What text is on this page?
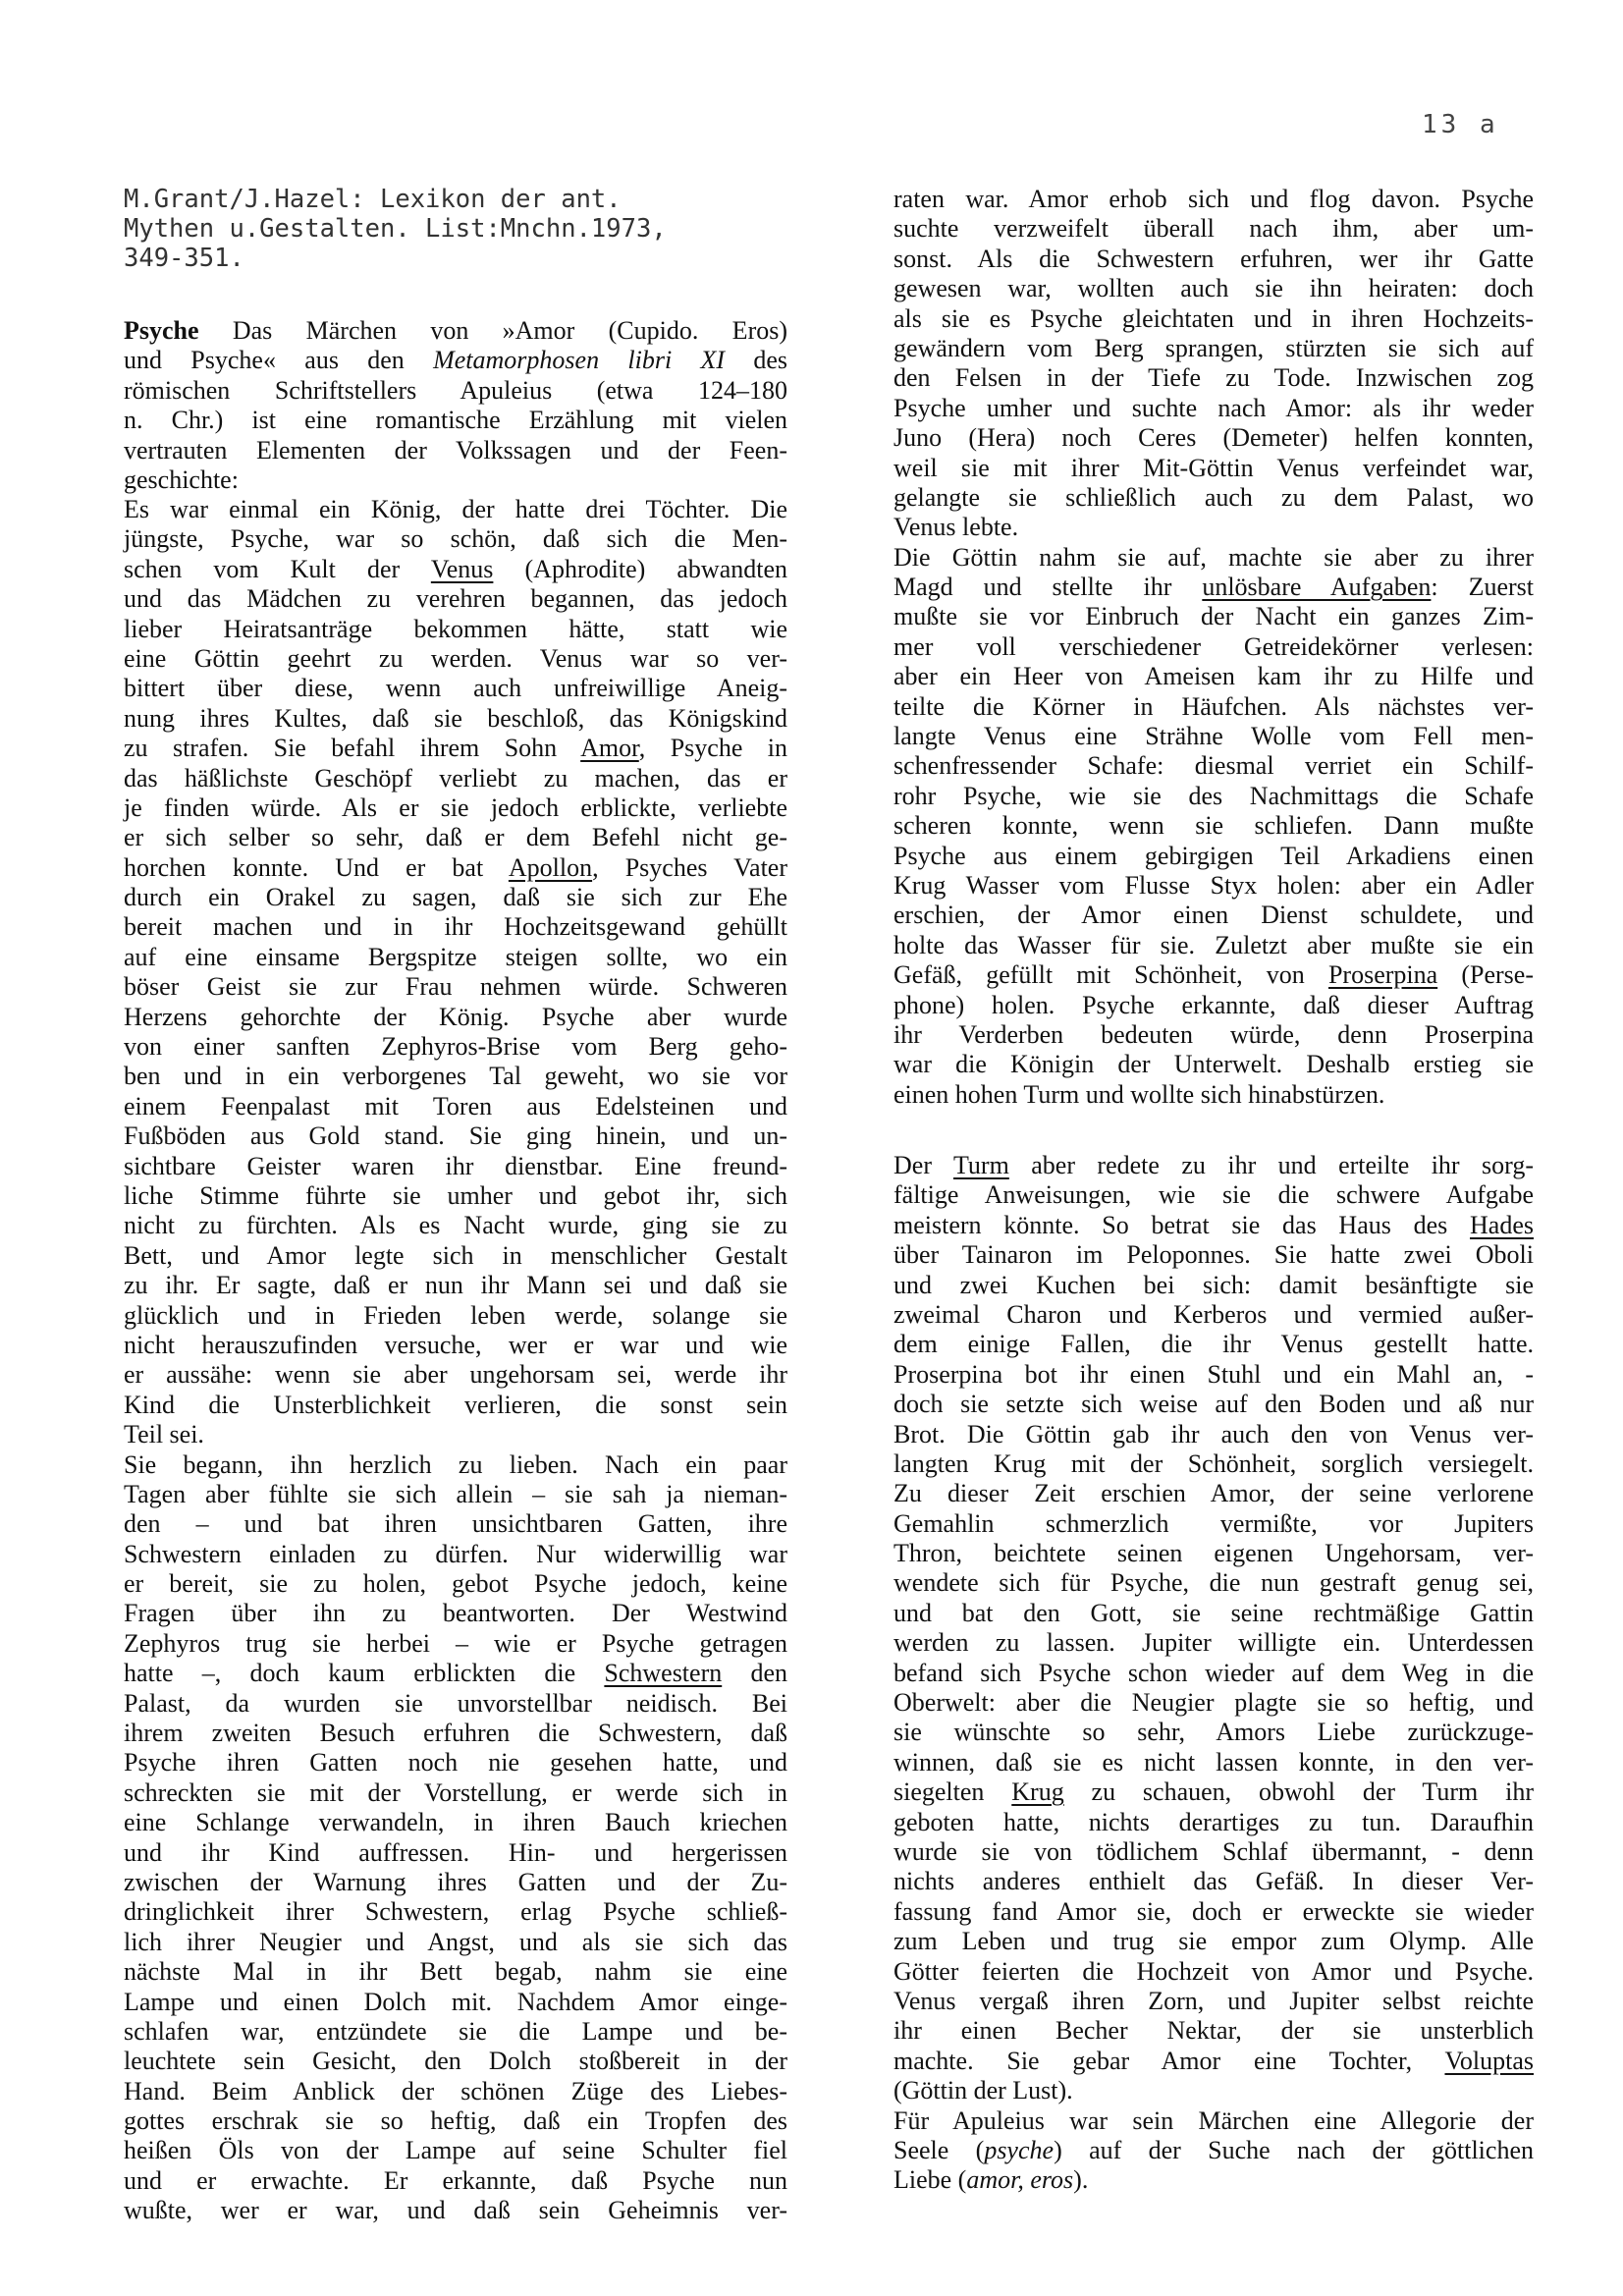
13 a
M.Grant/J.Hazel: Lexikon der ant.
Mythen u.Gestalten. List:Mnchn.1973,
349-351.
Psyche Das Märchen von »Amor (Cupido. Eros)
und Psyche« aus den Metamorphosen libri XI des
römischen Schriftstellers Apuleius (etwa 124–180
n. Chr.) ist eine romantische Erzählung mit vielen
vertrauten Elementen der Volkssagen und der Feen-
geschichte:
Es war einmal ein König, der hatte drei Töchter. Die
jüngste, Psyche, war so schön, daß sich die Men-
schen vom Kult der Venus (Aphrodite) abwandten
und das Mädchen zu verehren begannen, das jedoch
lieber Heiratsanträge bekommen hätte, statt wie
eine Göttin geehrt zu werden. Venus war so ver-
bittert über diese, wenn auch unfreiwillige Aneig-
nung ihres Kultes, daß sie beschloß, das Königskind
zu strafen. Sie befahl ihrem Sohn Amor, Psyche in
das häßlichste Geschöpf verliebt zu machen, das er
je finden würde. Als er sie jedoch erblickte, verliebte
er sich selber so sehr, daß er dem Befehl nicht ge-
horchen konnte. Und er bat Apollon, Psyches Vater
durch ein Orakel zu sagen, daß sie sich zur Ehe
bereit machen und in ihr Hochzeitsgewand gehüllt
auf eine einsame Bergspitze steigen sollte, wo ein
böser Geist sie zur Frau nehmen würde. Schweren
Herzens gehorchte der König. Psyche aber wurde
von einer sanften Zephyros-Brise vom Berg geho-
ben und in ein verborgenes Tal geweht, wo sie vor
einem Feenpalast mit Toren aus Edelsteinen und
Fußböden aus Gold stand. Sie ging hinein, und un-
sichtbare Geister waren ihr dienstbar. Eine freund-
liche Stimme führte sie umher und gebot ihr, sich
nicht zu fürchten. Als es Nacht wurde, ging sie zu
Bett, und Amor legte sich in menschlicher Gestalt
zu ihr. Er sagte, daß er nun ihr Mann sei und daß sie
glücklich und in Frieden leben werde, solange sie
nicht herauszufinden versuche, wer er war und wie
er aussähe: wenn sie aber ungehorsam sei, werde ihr
Kind die Unsterblichkeit verlieren, die sonst sein
Teil sei.
Sie begann, ihn herzlich zu lieben. Nach ein paar
Tagen aber fühlte sie sich allein – sie sah ja nieman-
den – und bat ihren unsichtbaren Gatten, ihre
Schwestern einladen zu dürfen. Nur widerwillig war
er bereit, sie zu holen, gebot Psyche jedoch, keine
Fragen über ihn zu beantworten. Der Westwind
Zephyros trug sie herbei – wie er Psyche getragen
hatte –, doch kaum erblickten die Schwestern den
Palast, da wurden sie unvorstellbar neidisch. Bei
ihrem zweiten Besuch erfuhren die Schwestern, daß
Psyche ihren Gatten noch nie gesehen hatte, und
schreckten sie mit der Vorstellung, er werde sich in
eine Schlange verwandeln, in ihren Bauch kriechen
und ihr Kind auffressen. Hin- und hergerissen
zwischen der Warnung ihres Gatten und der Zu-
dringlichkeit ihrer Schwestern, erlag Psyche schließ-
lich ihrer Neugier und Angst, und als sie sich das
nächste Mal in ihr Bett begab, nahm sie eine
Lampe und einen Dolch mit. Nachdem Amor einge-
schlafen war, entzündete sie die Lampe und be-
leuchtete sein Gesicht, den Dolch stoßbereit in der
Hand. Beim Anblick der schönen Züge des Liebes-
gottes erschrak sie so heftig, daß ein Tropfen des
heißen Öls von der Lampe auf seine Schulter fiel
und er erwachte. Er erkannte, daß Psyche nun
wußte, wer er war, und daß sein Geheimnis ver-
raten war. Amor erhob sich und flog davon. Psyche
suchte verzweifelt überall nach ihm, aber um-
sonst. Als die Schwestern erfuhren, wer ihr Gatte
gewesen war, wollten auch sie ihn heiraten: doch
als sie es Psyche gleichtaten und in ihren Hochzeits-
gewändern vom Berg sprangen, stürzten sie sich auf
den Felsen in der Tiefe zu Tode. Inzwischen zog
Psyche umher und suchte nach Amor: als ihr weder
Juno (Hera) noch Ceres (Demeter) helfen konnten,
weil sie mit ihrer Mit-Göttin Venus verfeindet war,
gelangte sie schließlich auch zu dem Palast, wo
Venus lebte.
Die Göttin nahm sie auf, machte sie aber zu ihrer
Magd und stellte ihr unlösbare Aufgaben: Zuerst
mußte sie vor Einbruch der Nacht ein ganzes Zim-
mer voll verschiedener Getreidekörner verlesen:
aber ein Heer von Ameisen kam ihr zu Hilfe und
teilte die Körner in Häufchen. Als nächstes ver-
langte Venus eine Strähne Wolle vom Fell men-
schenfressender Schafe: diesmal verriet ein Schilf-
rohr Psyche, wie sie des Nachmittags die Schafe
scheren konnte, wenn sie schliefen. Dann mußte
Psyche aus einem gebirgigen Teil Arkadiens einen
Krug Wasser vom Flusse Styx holen: aber ein Adler
erschien, der Amor einen Dienst schuldete, und
holte das Wasser für sie. Zuletzt aber mußte sie ein
Gefäß, gefüllt mit Schönheit, von Proserpina (Perse-
phone) holen. Psyche erkannte, daß dieser Auftrag
ihr Verderben bedeuten würde, denn Proserpina
war die Königin der Unterwelt. Deshalb erstieg sie
einen hohen Turm und wollte sich hinabstürzen.
Der Turm aber redete zu ihr und erteilte ihr sorg-
fältige Anweisungen, wie sie die schwere Aufgabe
meistern könnte. So betrat sie das Haus des Hades
über Tainaron im Peloponnes. Sie hatte zwei Oboli
und zwei Kuchen bei sich: damit besänftigte sie
zweimal Charon und Kerberos und vermied außer-
dem einige Fallen, die ihr Venus gestellt hatte.
Proserpina bot ihr einen Stuhl und ein Mahl an, -
doch sie setzte sich weise auf den Boden und aß nur
Brot. Die Göttin gab ihr auch den von Venus ver-
langten Krug mit der Schönheit, sorglich versiegelt.
Zu dieser Zeit erschien Amor, der seine verlorene
Gemahlin schmerzlich vermißte, vor Jupiters
Thron, beichtete seinen eigenen Ungehorsam, ver-
wendete sich für Psyche, die nun gestraft genug sei,
und bat den Gott, sie seine rechtmäßige Gattin
werden zu lassen. Jupiter willigte ein. Unterdessen
befand sich Psyche schon wieder auf dem Weg in die
Oberwelt: aber die Neugier plagte sie so heftig, und
sie wünschte so sehr, Amors Liebe zurückzuge-
winnen, daß sie es nicht lassen konnte, in den ver-
siegelten Krug zu schauen, obwohl der Turm ihr
geboten hatte, nichts derartiges zu tun. Daraufhin
wurde sie von tödlichem Schlaf übermannt, - denn
nichts anderes enthielt das Gefäß. In dieser Ver-
fassung fand Amor sie, doch er erweckte sie wieder
zum Leben und trug sie empor zum Olymp. Alle
Götter feierten die Hochzeit von Amor und Psyche.
Venus vergaß ihren Zorn, und Jupiter selbst reichte
ihr einen Becher Nektar, der sie unsterblich
machte. Sie gebar Amor eine Tochter, Voluptas
(Göttin der Lust).
Für Apuleius war sein Märchen eine Allegorie der
Seele (psyche) auf der Suche nach der göttlichen
Liebe (amor, eros).
